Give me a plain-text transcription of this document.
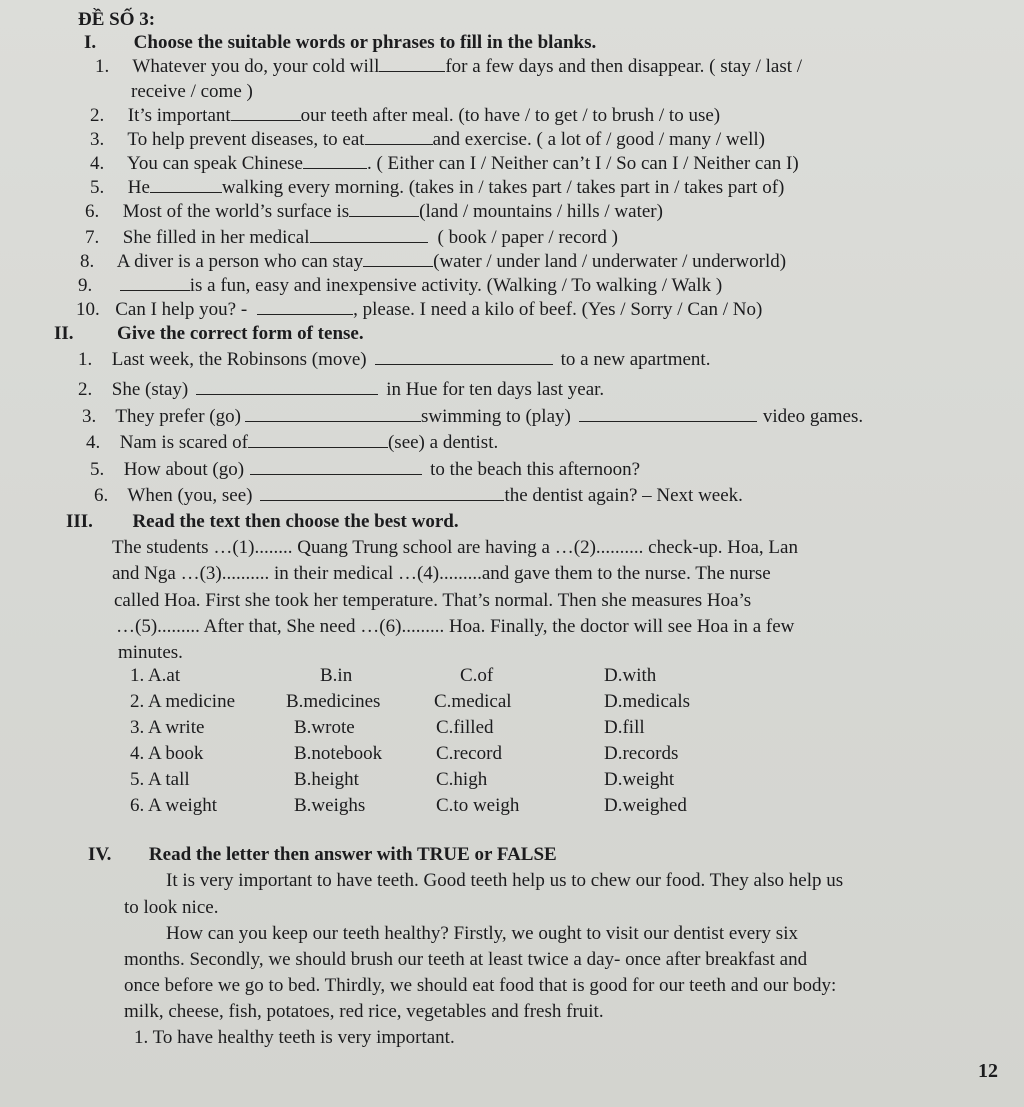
ĐỀ SỐ 3:
I. Choose the suitable words or phrases to fill in the blanks.
1. Whatever you do, your cold will	for a few days and then disappear. ( stay / last /
receive / come )
2. It’s important	our teeth after meal. (to have / to get / to brush / to use)
3. To help prevent diseases, to eat	and exercise. ( a lot of / good / many / well)
4. You can speak Chinese	. ( Either can I / Neither can’t I / So can I / Neither can I)
5. He	walking every morning. (takes in / takes part / takes part in / takes part of)
6. Most of the world’s surface is	(land / mountains / hills / water)
7. She filled in her medical	( book / paper / record )
8. A diver is a person who can stay	(water / under land / underwater / underworld)
9.	is a fun, easy and inexpensive activity. (Walking / To walking / Walk )
10. Can I help you? -	, please. I need a kilo of beef. (Yes / Sorry / Can / No)
II. Give the correct form of tense.
1. Last week, the Robinsons (move)	to a new apartment.
2. She (stay)	in Hue for ten days last year.
3. They prefer (go)	swimming to (play)	video games.
4. Nam is scared of	(see) a dentist.
5. How about (go)	to the beach this afternoon?
6. When (you, see)	the dentist again? – Next week.
III. Read the text then choose the best word.
The students …(1)........ Quang Trung school are having a …(2).......... check-up. Hoa, Lan
and Nga …(3).......... in their medical …(4).........and gave them to the nurse. The nurse
called Hoa. First she took her temperature. That’s normal. Then she measures Hoa’s
…(5)......... After that, She need …(6)......... Hoa. Finally, the doctor will see Hoa in a few
minutes.
1. A.at	B.in	C.of	D.with
2. A medicine	B.medicines	C.medical	D.medicals
3. A write	B.wrote	C.filled	D.fill
4. A book	B.notebook	C.record	D.records
5. A tall	B.height	C.high	D.weight
6. A weight	B.weighs	C.to weigh	D.weighed
IV. Read the letter then answer with TRUE or FALSE
It is very important to have teeth. Good teeth help us to chew our food. They also help us
to look nice.
How can you keep our teeth healthy? Firstly, we ought to visit our dentist every six
months. Secondly, we should brush our teeth at least twice a day- once after breakfast and
once before we go to bed. Thirdly, we should eat food that is good for our teeth and our body:
milk, cheese, fish, potatoes, red rice, vegetables and fresh fruit.
1. To have healthy teeth is very important.
12
